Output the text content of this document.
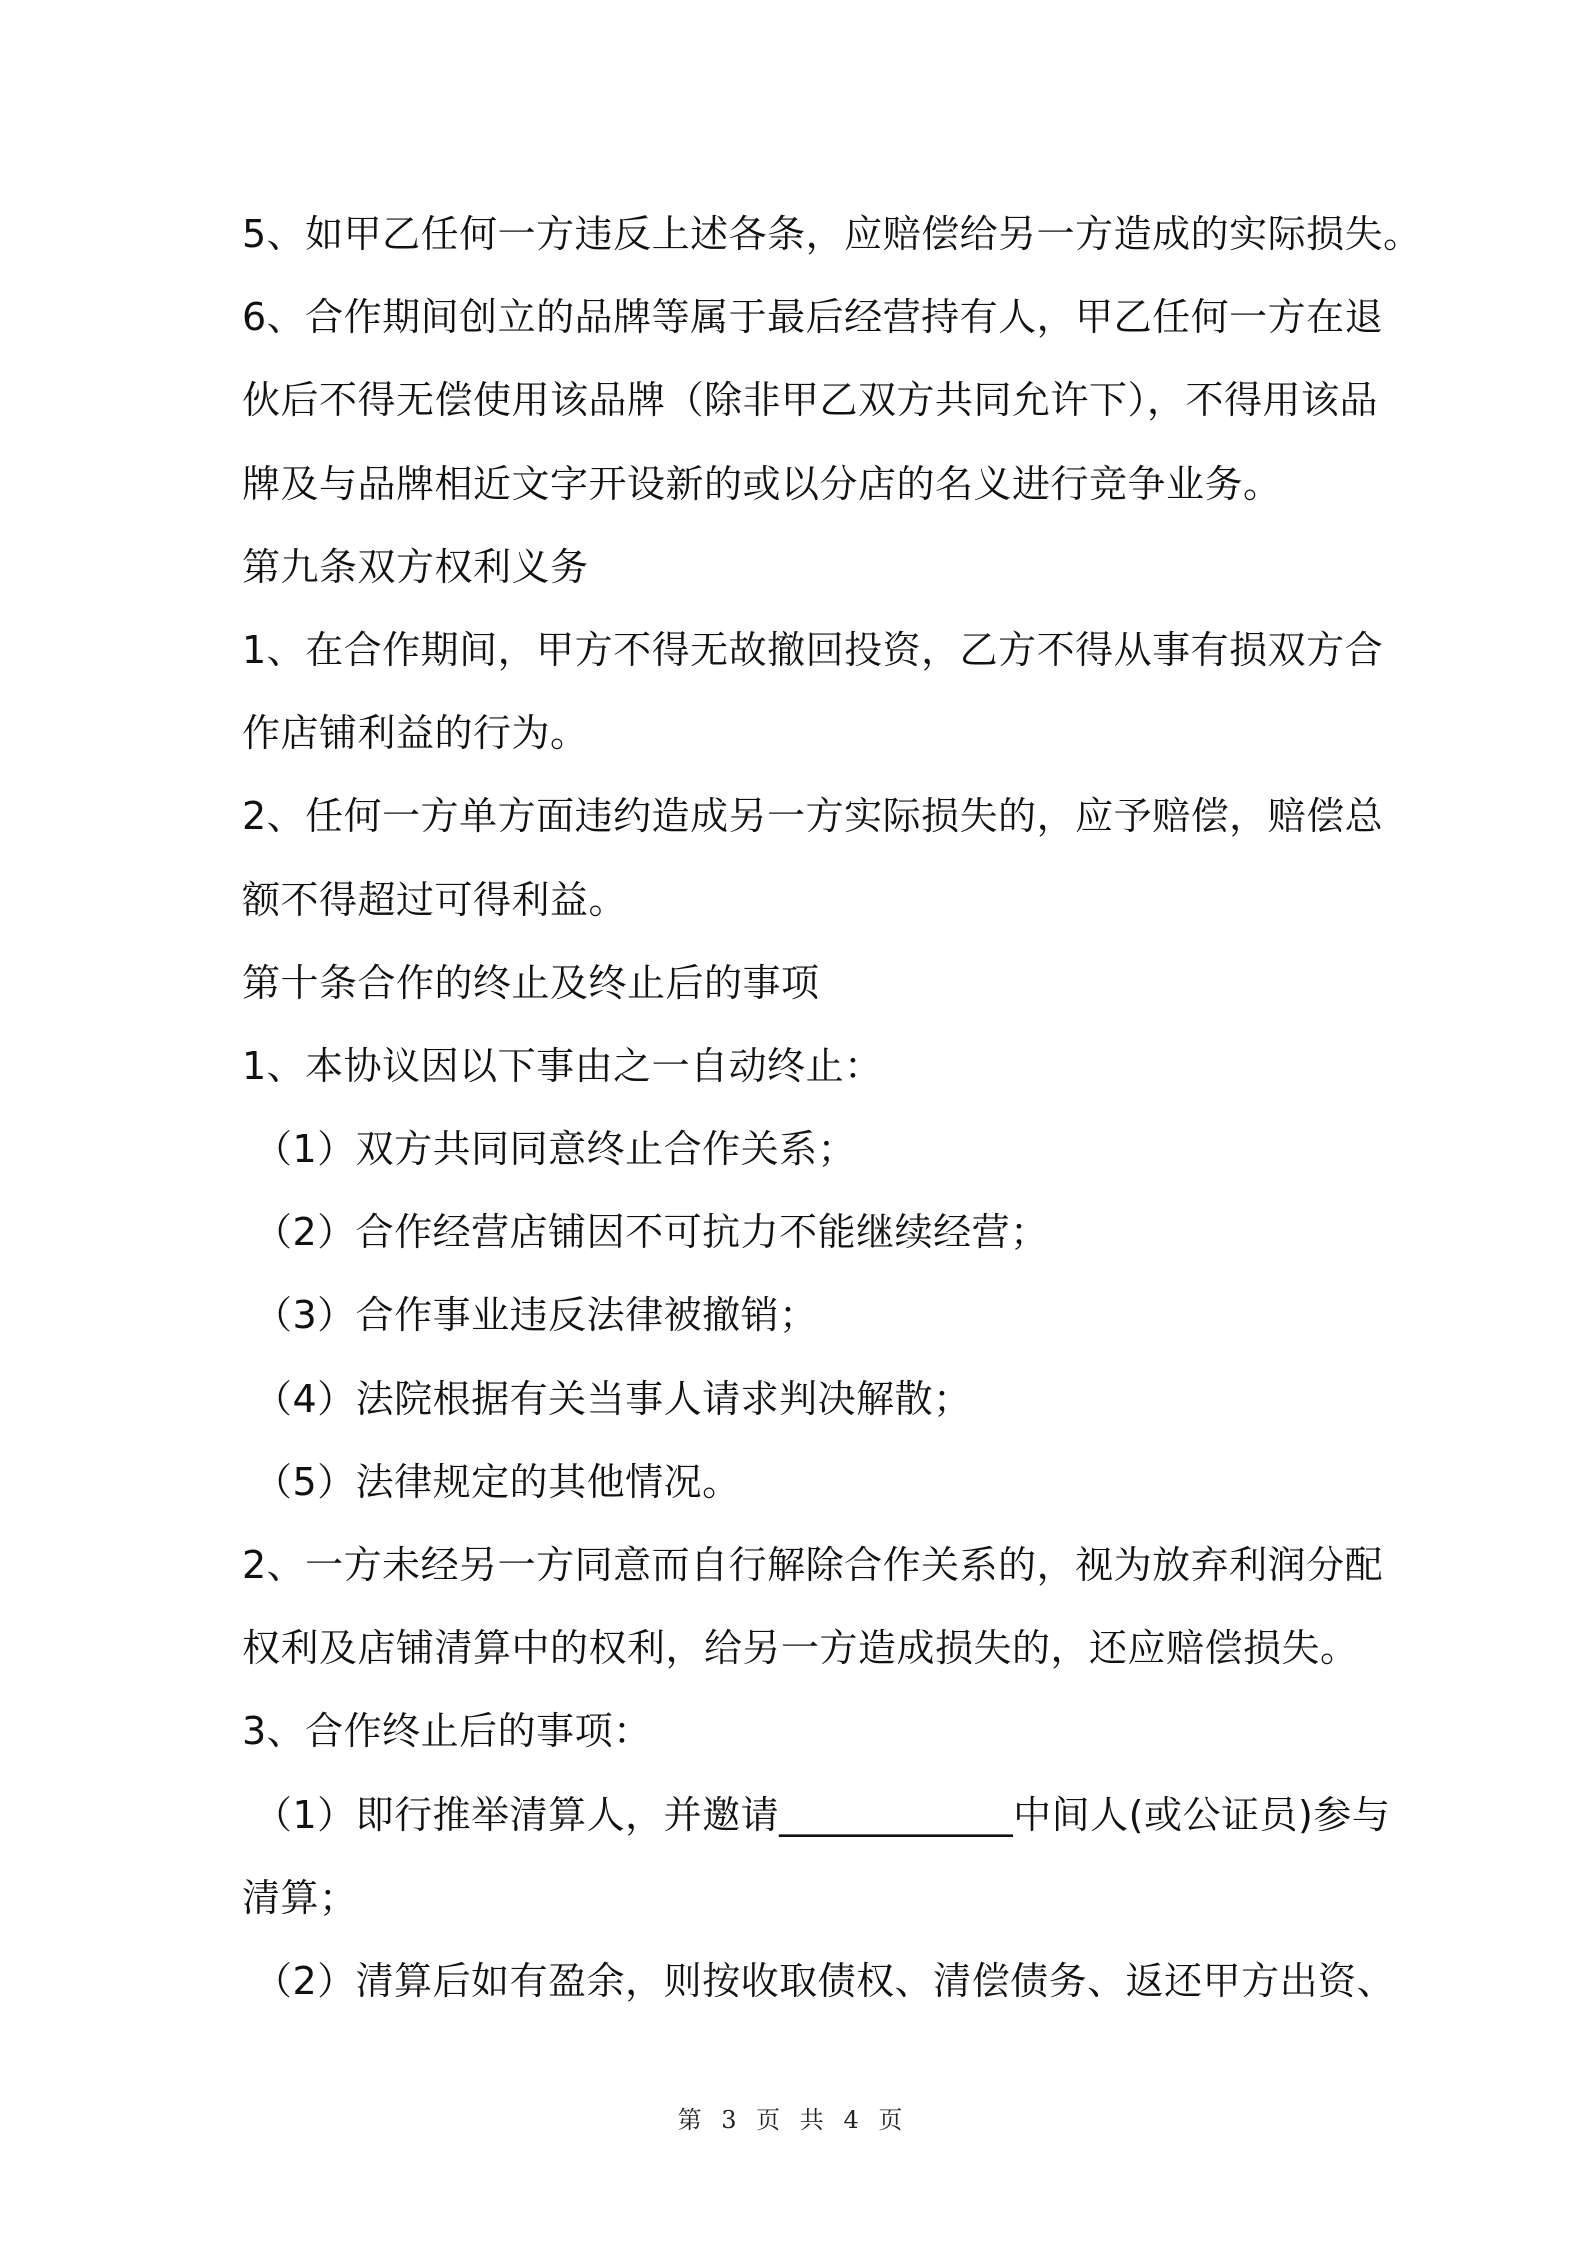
5、如甲乙任何一方违反上述各条，应赔偿给另一方造成的实际损失。
6、合作期间创立的品牌等属于最后经营持有人，甲乙任何一方在退
伙后不得无偿使用该品牌（除非甲乙双方共同允许下），不得用该品
牌及与品牌相近文字开设新的或以分店的名义进行竞争业务。
第九条双方权利义务
1、在合作期间，甲方不得无故撤回投资，乙方不得从事有损双方合
作店铺利益的行为。
2、任何一方单方面违约造成另一方实际损失的，应予赔偿，赔偿总
额不得超过可得利益。
第十条合作的终止及终止后的事项
1、本协议因以下事由之一自动终止：
（1）双方共同同意终止合作关系；
（2）合作经营店铺因不可抗力不能继续经营；
（3）合作事业违反法律被撤销；
（4）法院根据有关当事人请求判决解散；
（5）法律规定的其他情况。
2、一方未经另一方同意而自行解除合作关系的，视为放弃利润分配
权利及店铺清算中的权利，给另一方造成损失的，还应赔偿损失。
3、合作终止后的事项：
（1）即行推举清算人，并邀请____________中间人(或公证员)参与
清算；
（2）清算后如有盈余，则按收取债权、清偿债务、返还甲方出资、
第 3 页 共 4 页
